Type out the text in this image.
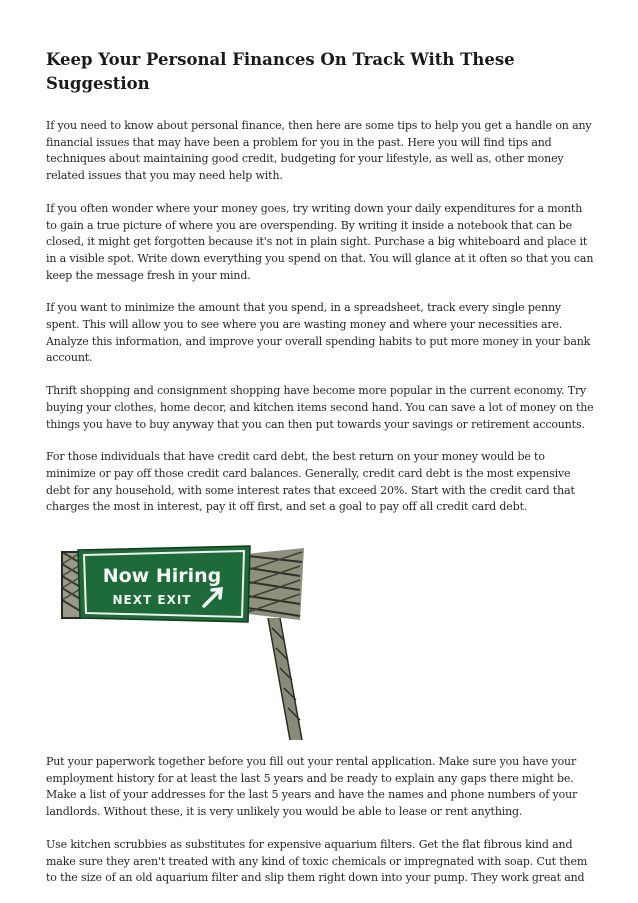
Keep Your Personal Finances On Track With These Suggestion

If you need to know about personal finance, then here are some tips to help you get a handle on any financial issues that may have been a problem for you in the past. Here you will find tips and techniques about maintaining good credit, budgeting for your lifestyle, as well as, other money related issues that you may need help with.

If you often wonder where your money goes, try writing down your daily expenditures for a month to gain a true picture of where you are overspending. By writing it inside a notebook that can be closed, it might get forgotten because it's not in plain sight. Purchase a big whiteboard and place it in a visible spot. Write down everything you spend on that. You will glance at it often so that you can keep the message fresh in your mind.

If you want to minimize the amount that you spend, in a spreadsheet, track every single penny spent. This will allow you to see where you are wasting money and where your necessities are. Analyze this information, and improve your overall spending habits to put more money in your bank account.

Thrift shopping and consignment shopping have become more popular in the current economy. Try buying your clothes, home decor, and kitchen items second hand. You can save a lot of money on the things you have to buy anyway that you can then put towards your savings or retirement accounts.

For those individuals that have credit card debt, the best return on your money would be to minimize or pay off those credit card balances. Generally, credit card debt is the most expensive debt for any household, with some interest rates that exceed 20%. Start with the credit card that charges the most in interest, pay it off first, and set a goal to pay off all credit card debt.

Now Hiring
NEXT EXIT

Put your paperwork together before you fill out your rental application. Make sure you have your employment history for at least the last 5 years and be ready to explain any gaps there might be. Make a list of your addresses for the last 5 years and have the names and phone numbers of your landlords. Without these, it is very unlikely you would be able to lease or rent anything.

Use kitchen scrubbies as substitutes for expensive aquarium filters. Get the flat fibrous kind and make sure they aren't treated with any kind of toxic chemicals or impregnated with soap. Cut them to the size of an old aquarium filter and slip them right down into your pump. They work great and
